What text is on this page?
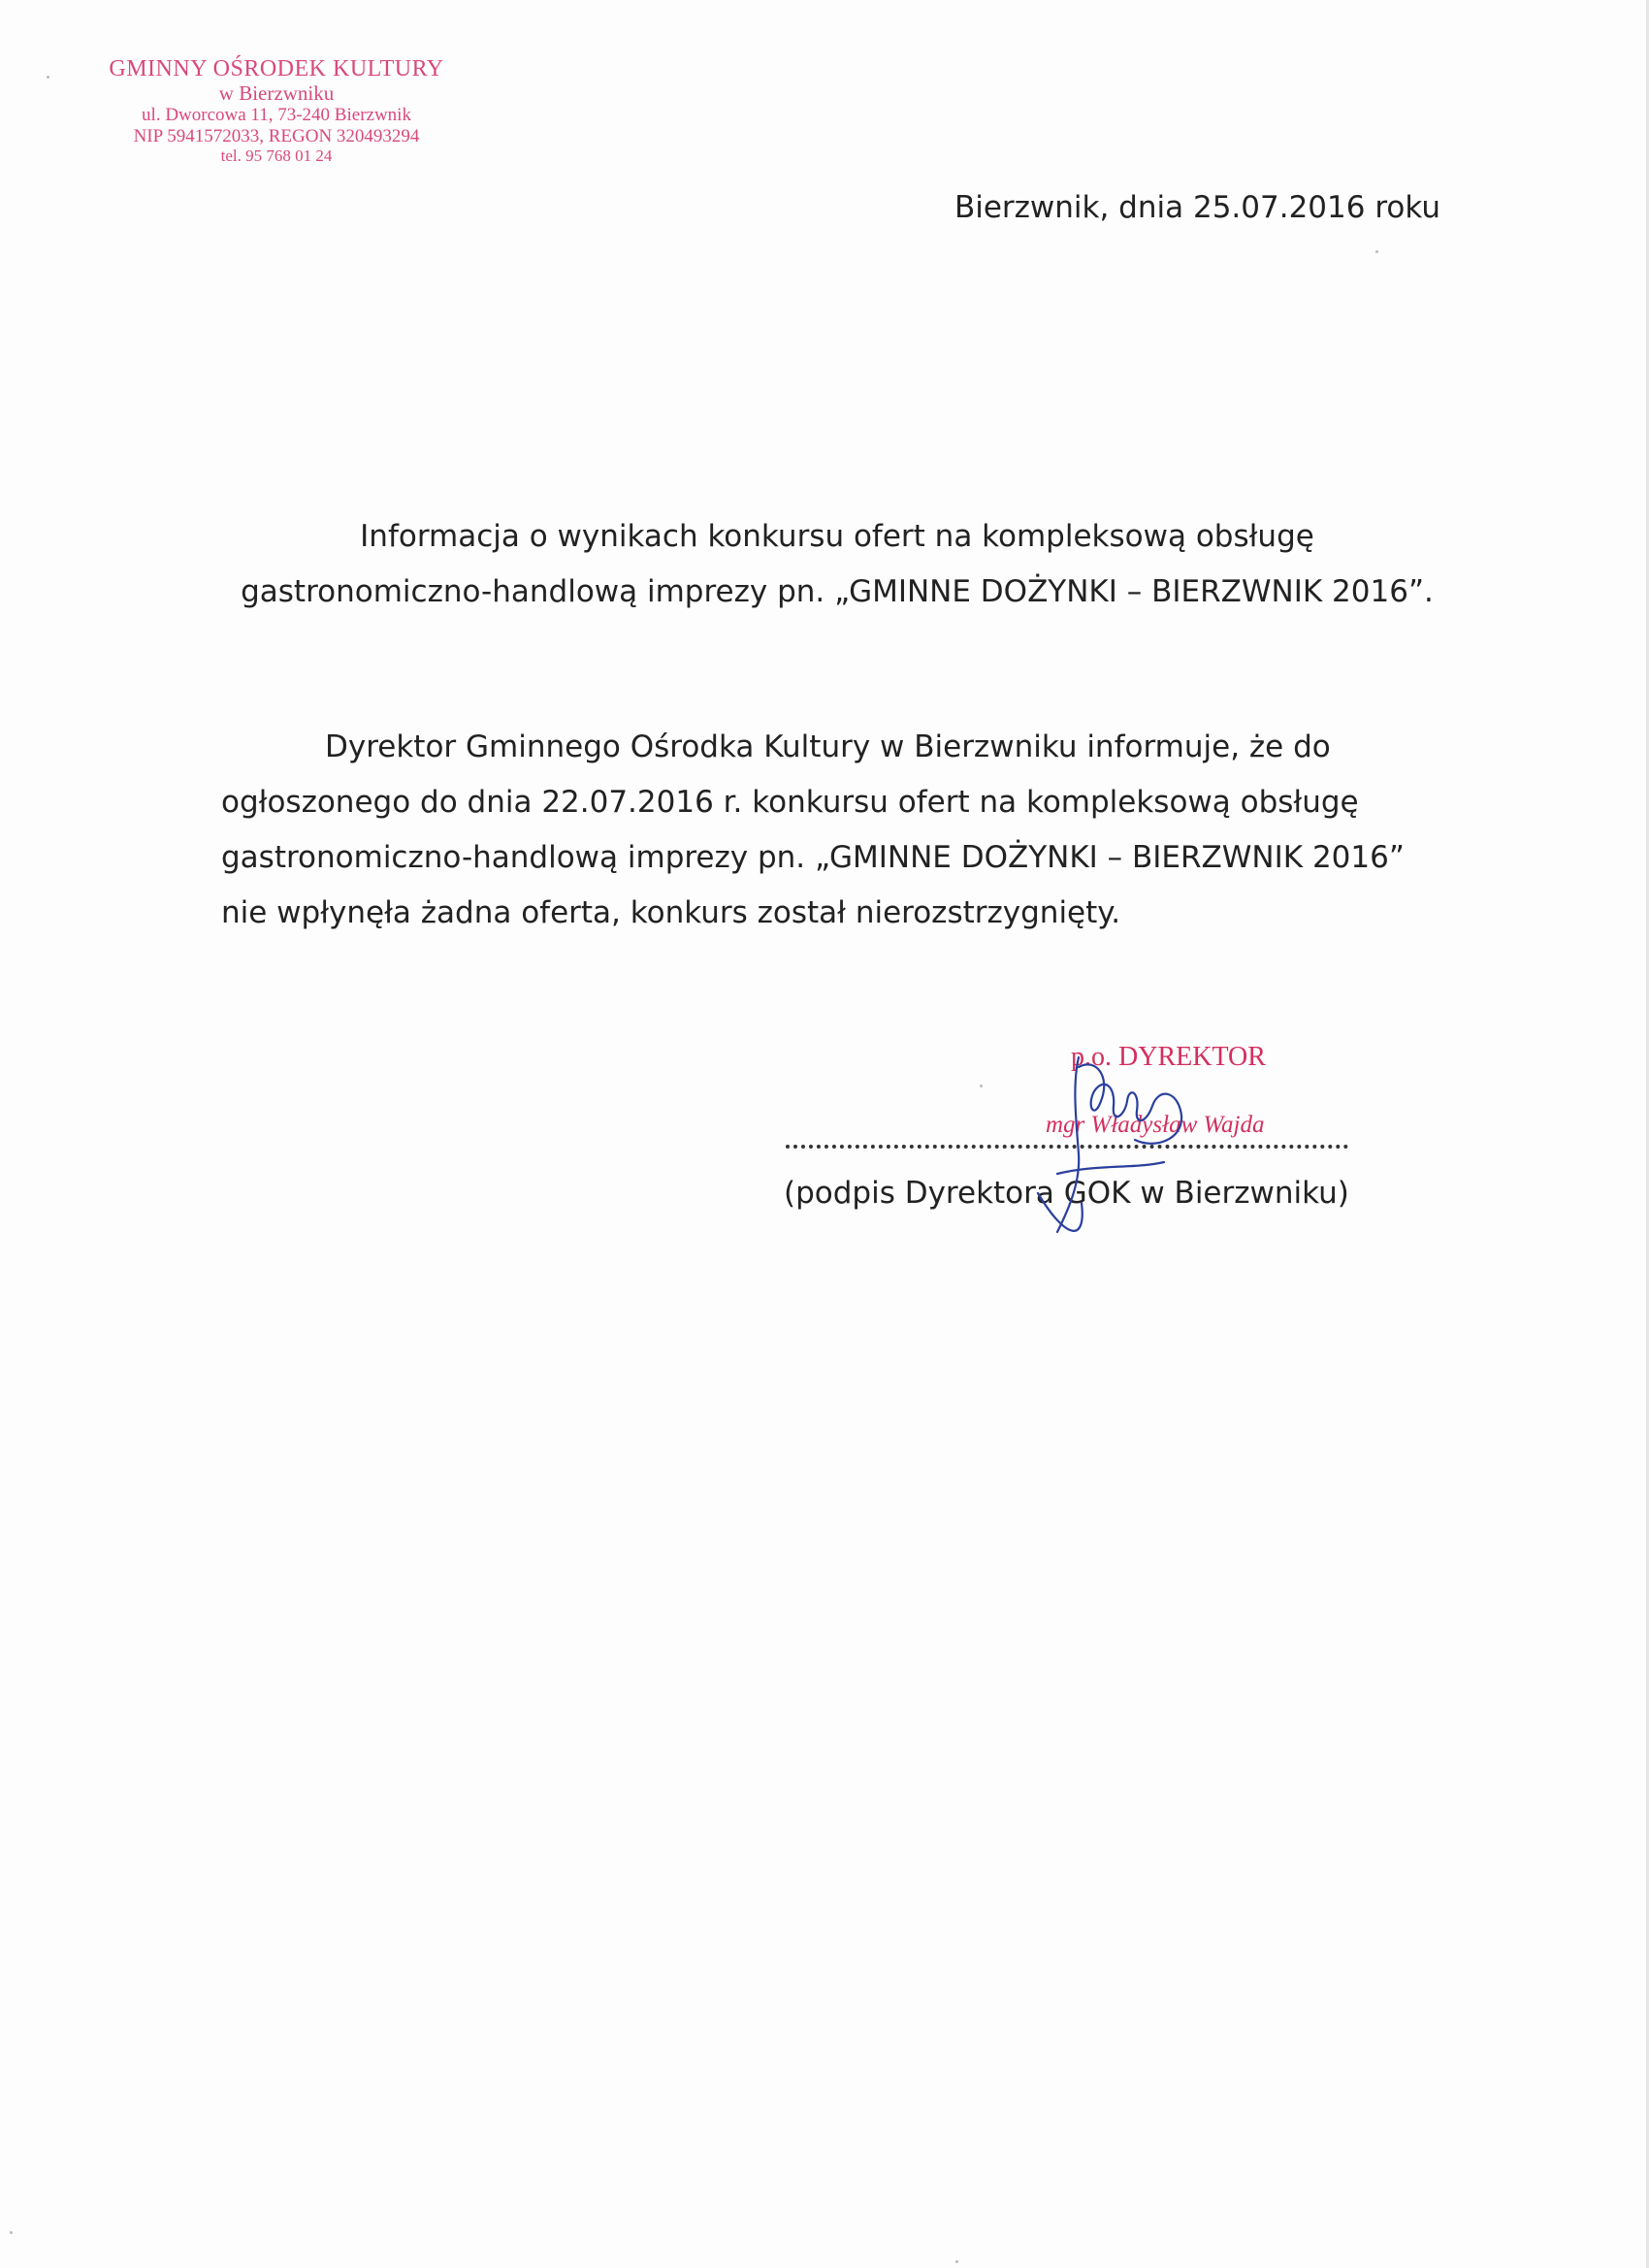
GMINNY OŚRODEK KULTURY
w Bierzwniku
ul. Dworcowa 11, 73-240 Bierzwnik
NIP 5941572033, REGON 320493294
tel. 95 768 01 24
Bierzwnik, dnia 25.07.2016 roku
Informacja o wynikach konkursu ofert na kompleksową obsługę
gastronomiczno-handlową imprezy pn. „GMINNE DOŻYNKI – BIERZWNIK 2016”.
Dyrektor Gminnego Ośrodka Kultury w Bierzwniku informuje, że do
ogłoszonego do dnia 22.07.2016 r. konkursu ofert na kompleksową obsługę
gastronomiczno-handlową imprezy pn. „GMINNE DOŻYNKI – BIERZWNIK 2016”
nie wpłynęła żadna oferta, konkurs został nierozstrzygnięty.
p.o. DYREKTOR
mgr Władysław Wajda
(podpis Dyrektora GOK w Bierzwniku)
